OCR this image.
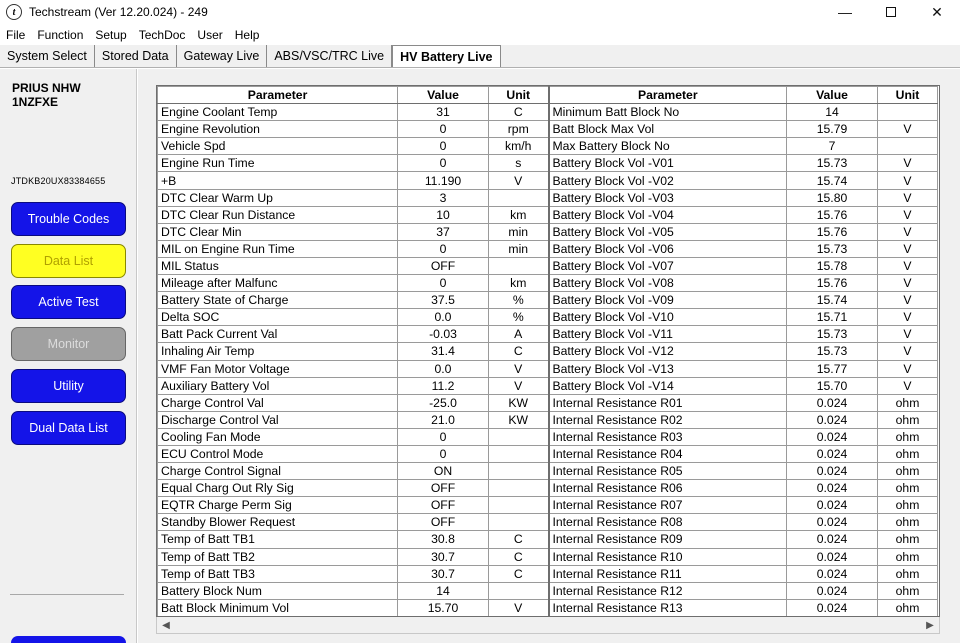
t	Techstream (Ver 12.20.024) - 249	—	✕
File	Function	Setup	TechDoc	User	Help
System Select	Stored Data	Gateway Live	ABS/VSC/TRC Live	HV Battery Live
PRIUS NHW
1NZFXE
JTDKB20UX83384655
Trouble Codes
Data List
Active Test
Monitor
Utility
Dual Data List
Parameter	Value	Unit	Parameter	Value	Unit
Engine Coolant Temp	31	C	Minimum Batt Block No	14	
Engine Revolution	0	rpm	Batt Block Max Vol	15.79	V
Vehicle Spd	0	km/h	Max Battery Block No	7	
Engine Run Time	0	s	Battery Block Vol -V01	15.73	V
+B	11.190	V	Battery Block Vol -V02	15.74	V
DTC Clear Warm Up	3		Battery Block Vol -V03	15.80	V
DTC Clear Run Distance	10	km	Battery Block Vol -V04	15.76	V
DTC Clear Min	37	min	Battery Block Vol -V05	15.76	V
MIL on Engine Run Time	0	min	Battery Block Vol -V06	15.73	V
MIL Status	OFF		Battery Block Vol -V07	15.78	V
Mileage after Malfunc	0	km	Battery Block Vol -V08	15.76	V
Battery State of Charge	37.5	%	Battery Block Vol -V09	15.74	V
Delta SOC	0.0	%	Battery Block Vol -V10	15.71	V
Batt Pack Current Val	-0.03	A	Battery Block Vol -V11	15.73	V
Inhaling Air Temp	31.4	C	Battery Block Vol -V12	15.73	V
VMF Fan Motor Voltage	0.0	V	Battery Block Vol -V13	15.77	V
Auxiliary Battery Vol	11.2	V	Battery Block Vol -V14	15.70	V
Charge Control Val	-25.0	KW	Internal Resistance R01	0.024	ohm
Discharge Control Val	21.0	KW	Internal Resistance R02	0.024	ohm
Cooling Fan Mode	0		Internal Resistance R03	0.024	ohm
ECU Control Mode	0		Internal Resistance R04	0.024	ohm
Charge Control Signal	ON		Internal Resistance R05	0.024	ohm
Equal Charg Out Rly Sig	OFF		Internal Resistance R06	0.024	ohm
EQTR Charge Perm Sig	OFF		Internal Resistance R07	0.024	ohm
Standby Blower Request	OFF		Internal Resistance R08	0.024	ohm
Temp of Batt TB1	30.8	C	Internal Resistance R09	0.024	ohm
Temp of Batt TB2	30.7	C	Internal Resistance R10	0.024	ohm
Temp of Batt TB3	30.7	C	Internal Resistance R11	0.024	ohm
Battery Block Num	14		Internal Resistance R12	0.024	ohm
Batt Block Minimum Vol	15.70	V	Internal Resistance R13	0.024	ohm
◀	▶
